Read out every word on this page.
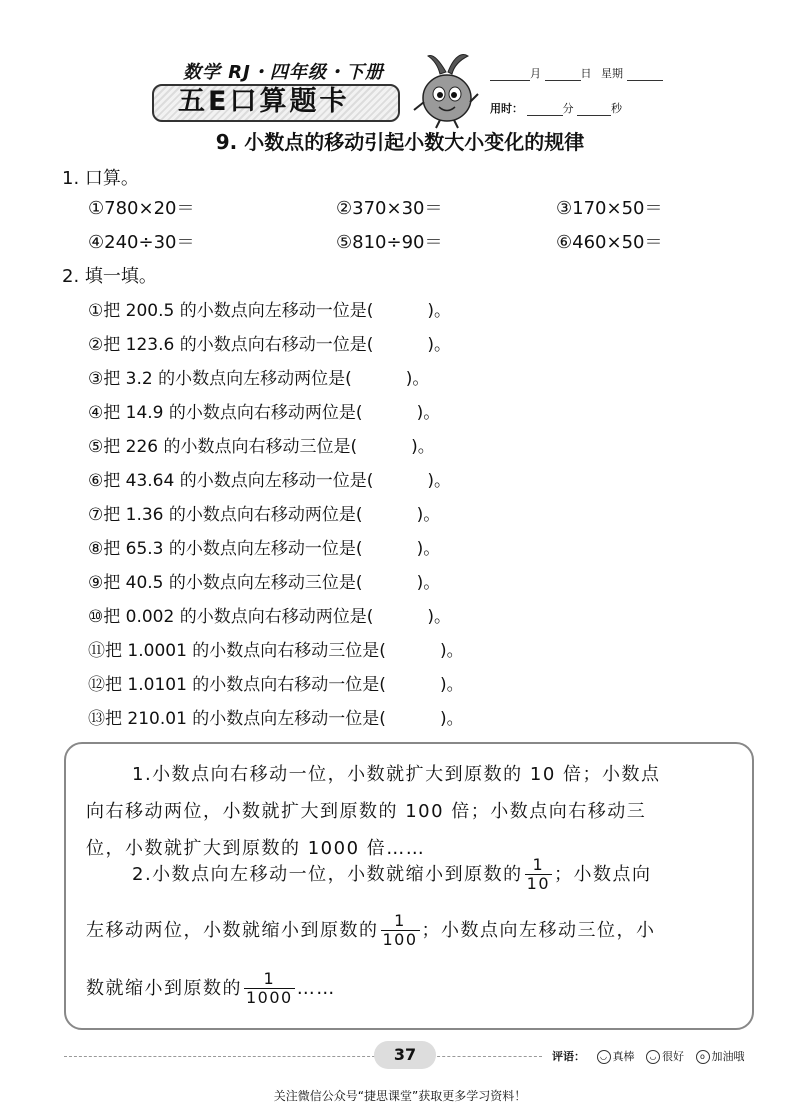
数学 RJ・四年级・下册
五E口算题卡
月	日 星期
用时：	分	秒
9. 小数点的移动引起小数大小变化的规律
1. 口算。
①780×20＝	②370×30＝	③170×50＝
④240÷30＝	⑤810÷90＝	⑥460×50＝
2. 填一填。
①把 200.5 的小数点向左移动一位是(          )。
②把 123.6 的小数点向右移动一位是(          )。
③把 3.2 的小数点向左移动两位是(          )。
④把 14.9 的小数点向右移动两位是(          )。
⑤把 226 的小数点向右移动三位是(          )。
⑥把 43.64 的小数点向左移动一位是(          )。
⑦把 1.36 的小数点向右移动两位是(          )。
⑧把 65.3 的小数点向左移动一位是(          )。
⑨把 40.5 的小数点向左移动三位是(          )。
⑩把 0.002 的小数点向右移动两位是(          )。
⑪把 1.0001 的小数点向右移动三位是(          )。
⑫把 1.0101 的小数点向右移动一位是(          )。
⑬把 210.01 的小数点向左移动一位是(          )。
1.小数点向右移动一位，小数就扩大到原数的 10 倍；小数点
向右移动两位，小数就扩大到原数的 100 倍；小数点向右移动三
位，小数就扩大到原数的 1000 倍……
2.小数点向左移动一位，小数就缩小到原数的 $\frac{1}{10}$ ；小数点向
左移动两位，小数就缩小到原数的 $\frac{1}{100}$ ；小数点向左移动三位，小
数就缩小到原数的 $\frac{1}{1000}$ ……
37	评语： ◡ 真棒 ◡ 很好 o 加油哦
关注微信公众号“捷思课堂”获取更多学习资料！
